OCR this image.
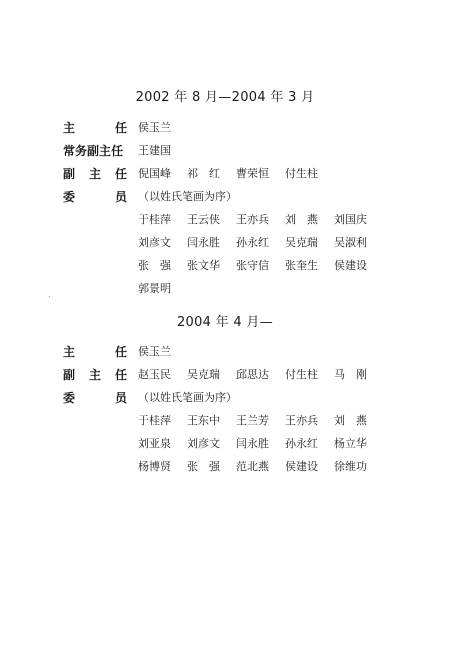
2002 年 8 月—2004 年 3 月
主	任 侯玉兰
常 务 副 主 任 王建国
副 主 任 倪国峰	祁　红	曹荣恒	付生柱
委	员 （以姓氏笔画为序）
于桂萍	王云侠	王亦兵	刘　燕	刘国庆
刘彦文	闫永胜	孙永红	吴克瑞	吴淑利
张　强	张文华	张守信	张奎生	侯建设
郭景明
2004 年 4 月—
主	任 侯玉兰
副 主 任 赵玉民	吴克瑞	邱思达	付生柱	马　刚
委	员 （以姓氏笔画为序）
于桂萍	王东中	王兰芳	王亦兵	刘　燕
刘亚泉	刘彦文	闫永胜	孙永红	杨立华
杨博贤	张　强	范北燕	侯建设	徐维功
